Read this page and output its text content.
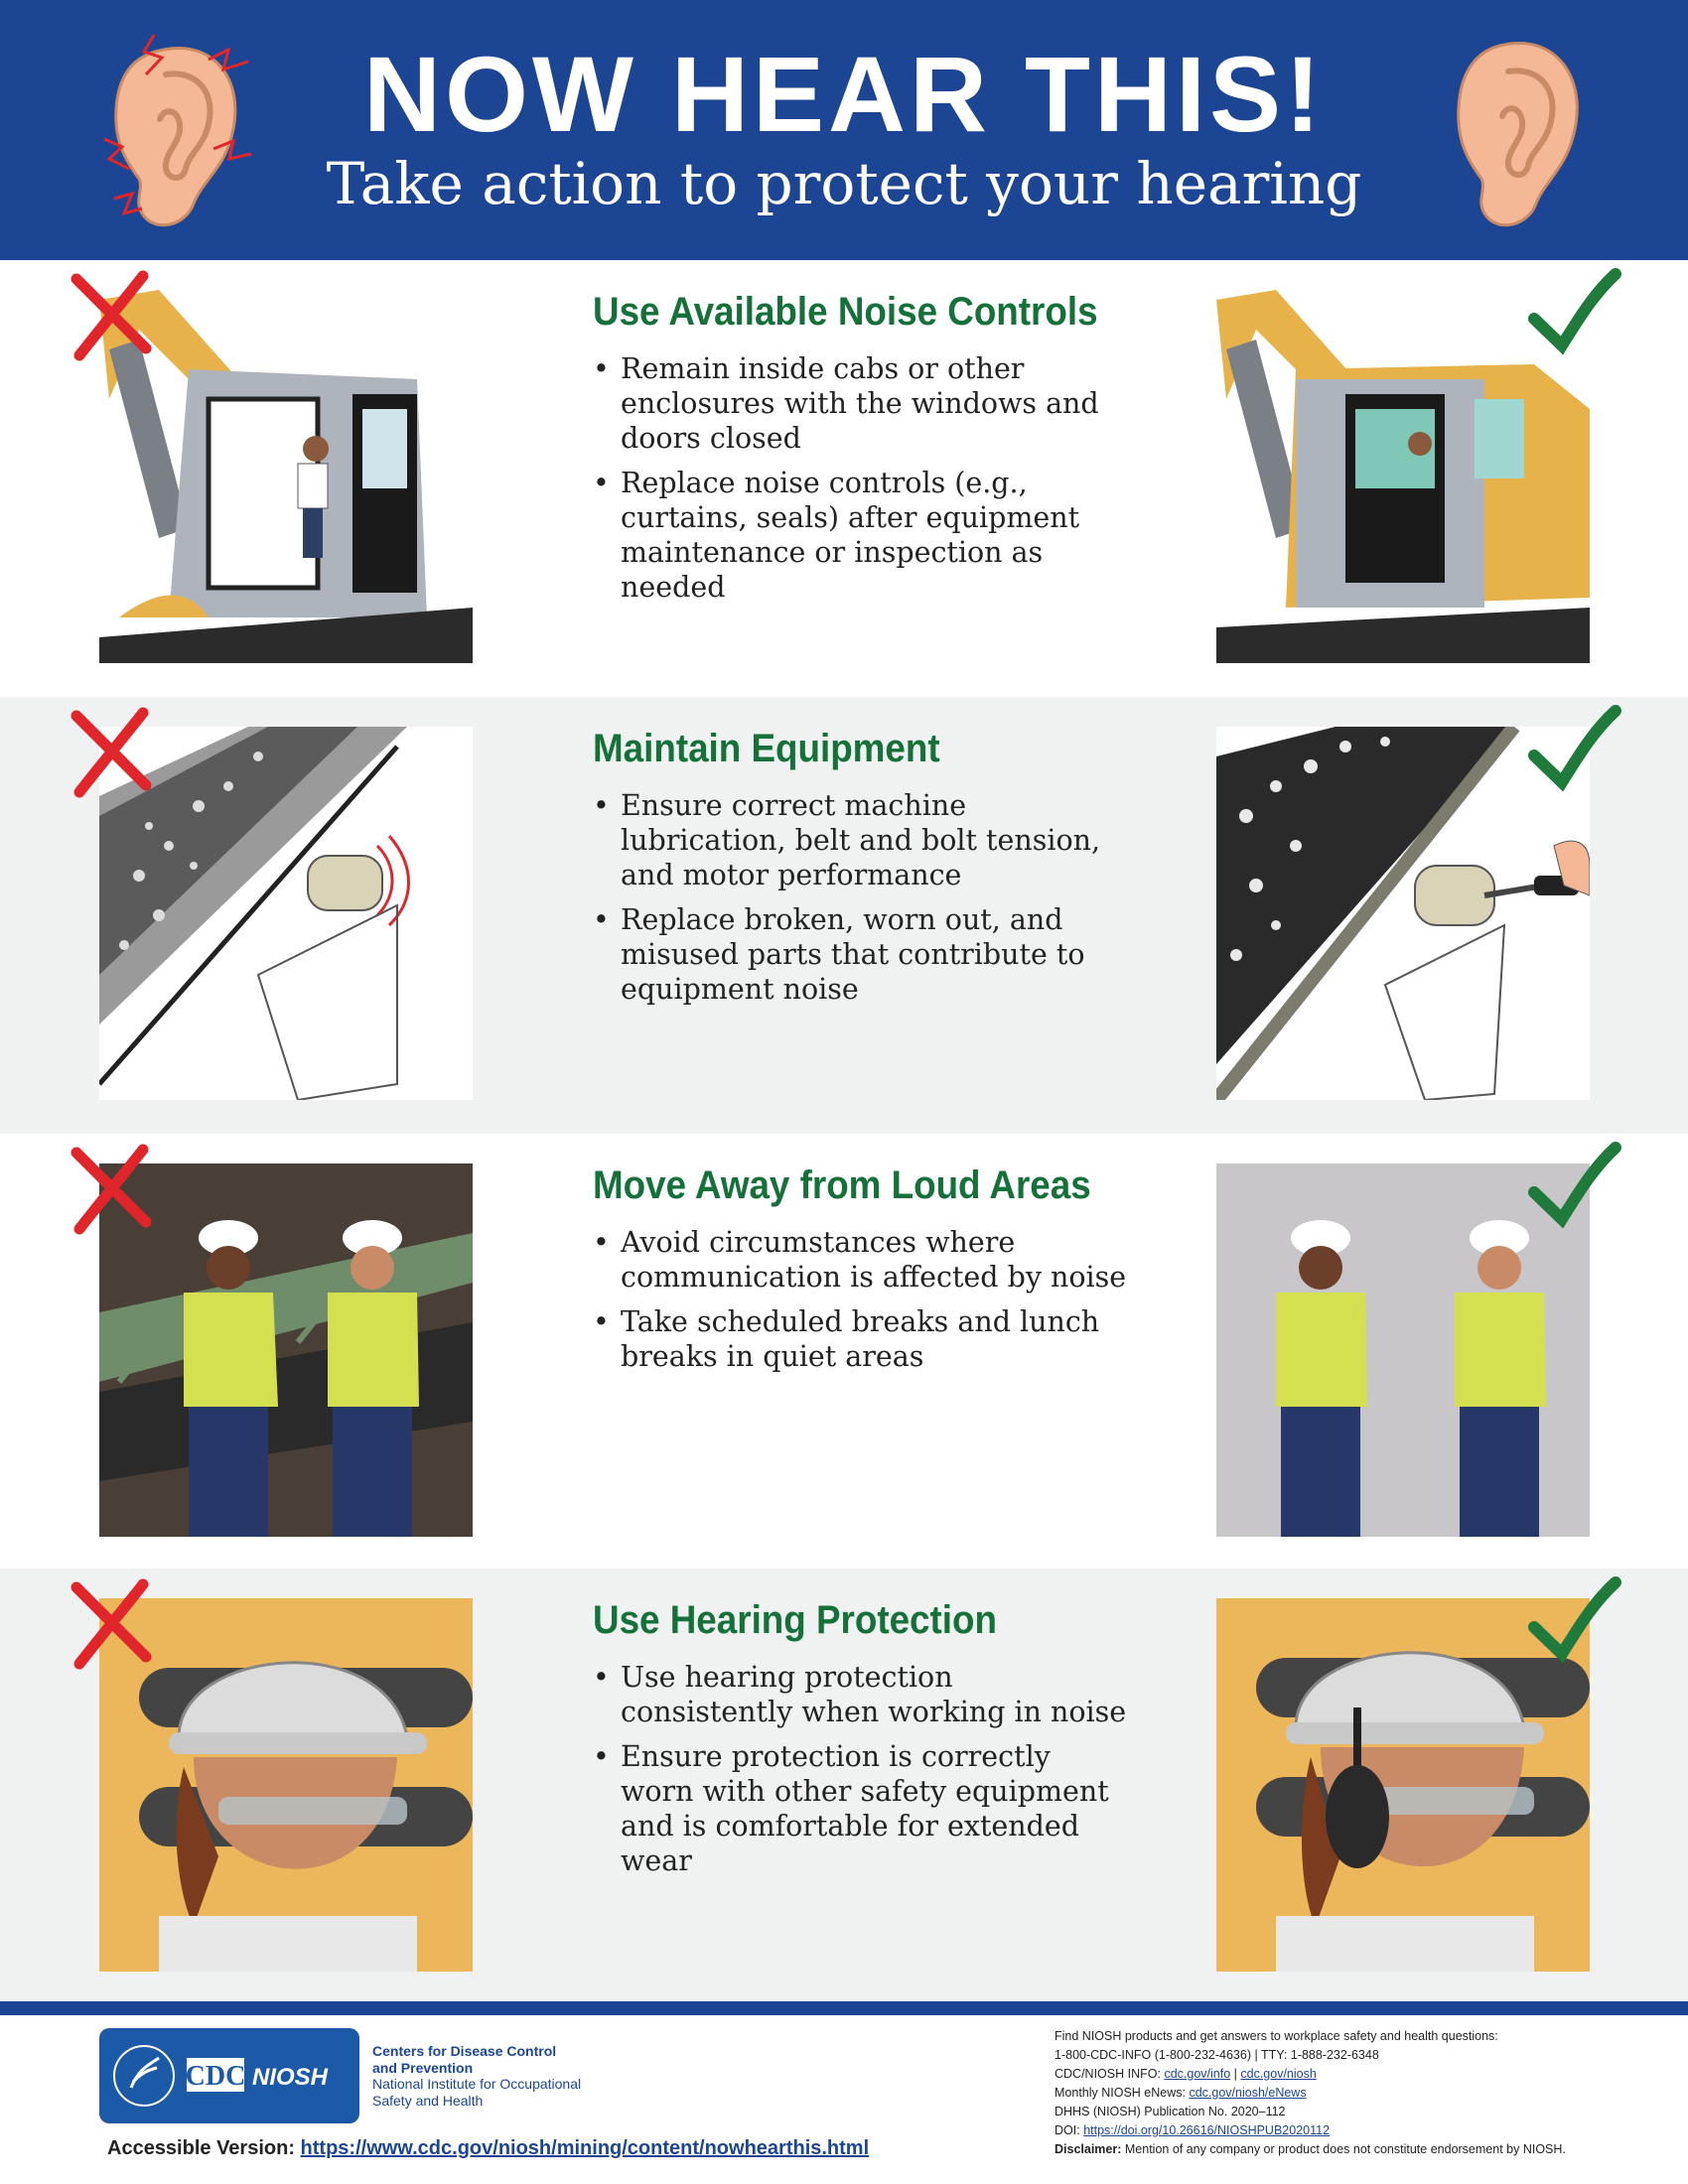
NOW HEAR THIS!
Take action to protect your hearing
Use Available Noise Controls
• Remain inside cabs or other enclosures with the windows and doors closed
• Replace noise controls (e.g., curtains, seals) after equipment maintenance or inspection as needed
Maintain Equipment
• Ensure correct machine lubrication, belt and bolt tension, and motor performance
• Replace broken, worn out, and misused parts that contribute to equipment noise
Move Away from Loud Areas
• Avoid circumstances where communication is affected by noise
• Take scheduled breaks and lunch breaks in quiet areas
Use Hearing Protection
• Use hearing protection consistently when working in noise
• Ensure protection is correctly worn with other safety equipment and is comfortable for extended wear
CDC NIOSH
Centers for Disease Control
and Prevention
National Institute for Occupational
Safety and Health
Accessible Version: https://www.cdc.gov/niosh/mining/content/nowhearthis.html
Find NIOSH products and get answers to workplace safety and health questions:
1-800-CDC-INFO (1-800-232-4636) | TTY: 1-888-232-6348
CDC/NIOSH INFO: cdc.gov/info | cdc.gov/niosh
Monthly NIOSH eNews: cdc.gov/niosh/eNews
DHHS (NIOSH) Publication No. 2020–112
DOI: https://doi.org/10.26616/NIOSHPUB2020112
Disclaimer: Mention of any company or product does not constitute endorsement by NIOSH.
